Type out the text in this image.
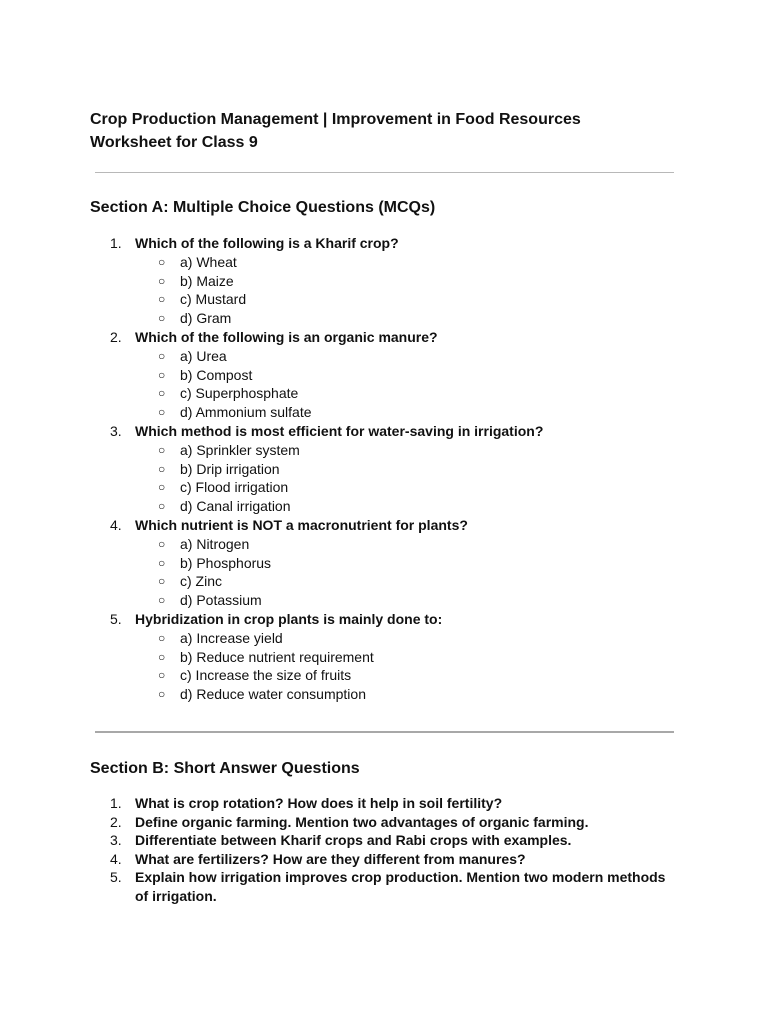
Crop Production Management | Improvement in Food Resources
Worksheet for Class 9
Section A: Multiple Choice Questions (MCQs)
1. Which of the following is a Kharif crop?
○ a) Wheat
○ b) Maize
○ c) Mustard
○ d) Gram
2. Which of the following is an organic manure?
○ a) Urea
○ b) Compost
○ c) Superphosphate
○ d) Ammonium sulfate
3. Which method is most efficient for water-saving in irrigation?
○ a) Sprinkler system
○ b) Drip irrigation
○ c) Flood irrigation
○ d) Canal irrigation
4. Which nutrient is NOT a macronutrient for plants?
○ a) Nitrogen
○ b) Phosphorus
○ c) Zinc
○ d) Potassium
5. Hybridization in crop plants is mainly done to:
○ a) Increase yield
○ b) Reduce nutrient requirement
○ c) Increase the size of fruits
○ d) Reduce water consumption
Section B: Short Answer Questions
1. What is crop rotation? How does it help in soil fertility?
2. Define organic farming. Mention two advantages of organic farming.
3. Differentiate between Kharif crops and Rabi crops with examples.
4. What are fertilizers? How are they different from manures?
5. Explain how irrigation improves crop production. Mention two modern methods of irrigation.
